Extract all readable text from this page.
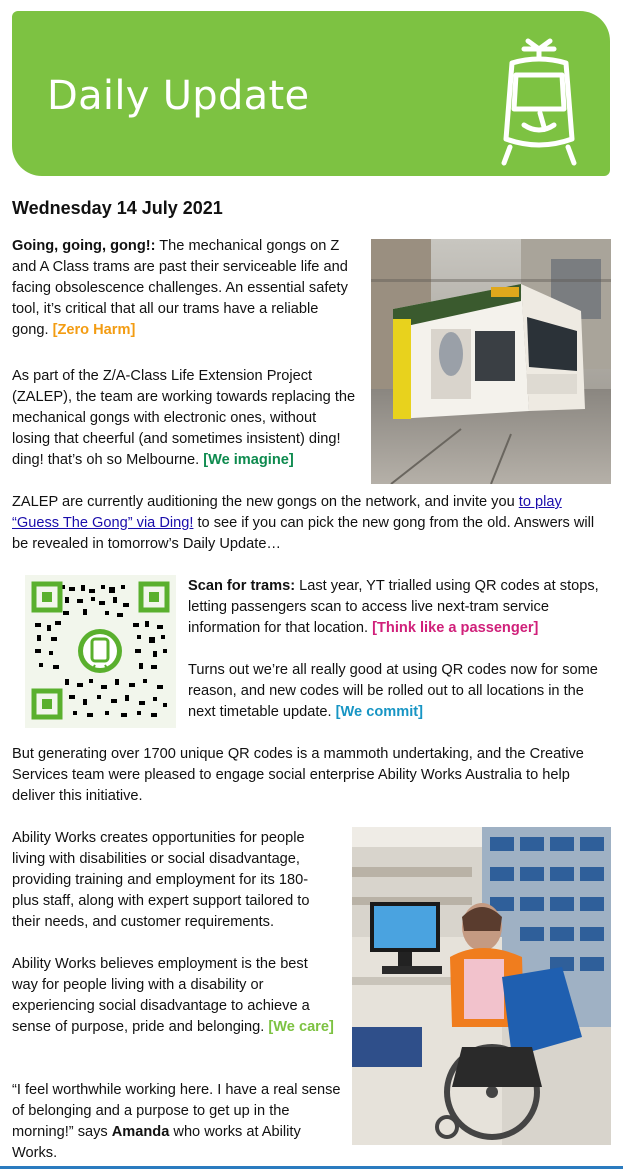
Daily Update
Wednesday 14 July 2021

Going, going, gong!: The mechanical gongs on Z and A Class trams are past their serviceable life and facing obsolescence challenges. An essential safety tool, it’s critical that all our trams have a reliable gong. [Zero Harm]

As part of the Z/A-Class Life Extension Project (ZALEP), the team are working towards replacing the mechanical gongs with electronic ones, without losing that cheerful (and sometimes insistent) ding! ding! that’s oh so Melbourne. [We imagine]

ZALEP are currently auditioning the new gongs on the network, and invite you to play “Guess The Gong” via Ding! to see if you can pick the new gong from the old. Answers will be revealed in tomorrow’s Daily Update…

Scan for trams: Last year, YT trialled using QR codes at stops, letting passengers scan to access live next-tram service information for that location. [Think like a passenger]

Turns out we’re all really good at using QR codes now for some reason, and new codes will be rolled out to all locations in the next timetable update. [We commit]

But generating over 1700 unique QR codes is a mammoth undertaking, and the Creative Services team were pleased to engage social enterprise Ability Works Australia to help deliver this initiative.

Ability Works creates opportunities for people living with disabilities or social disadvantage, providing training and employment for its 180-plus staff, along with expert support tailored to their needs, and customer requirements.

Ability Works believes employment is the best way for people living with a disability or experiencing social disadvantage to achieve a sense of purpose, pride and belonging. [We care]

“I feel worthwhile working here. I have a real sense of belonging and a purpose to get up in the morning!” says Amanda who works at Ability Works.
